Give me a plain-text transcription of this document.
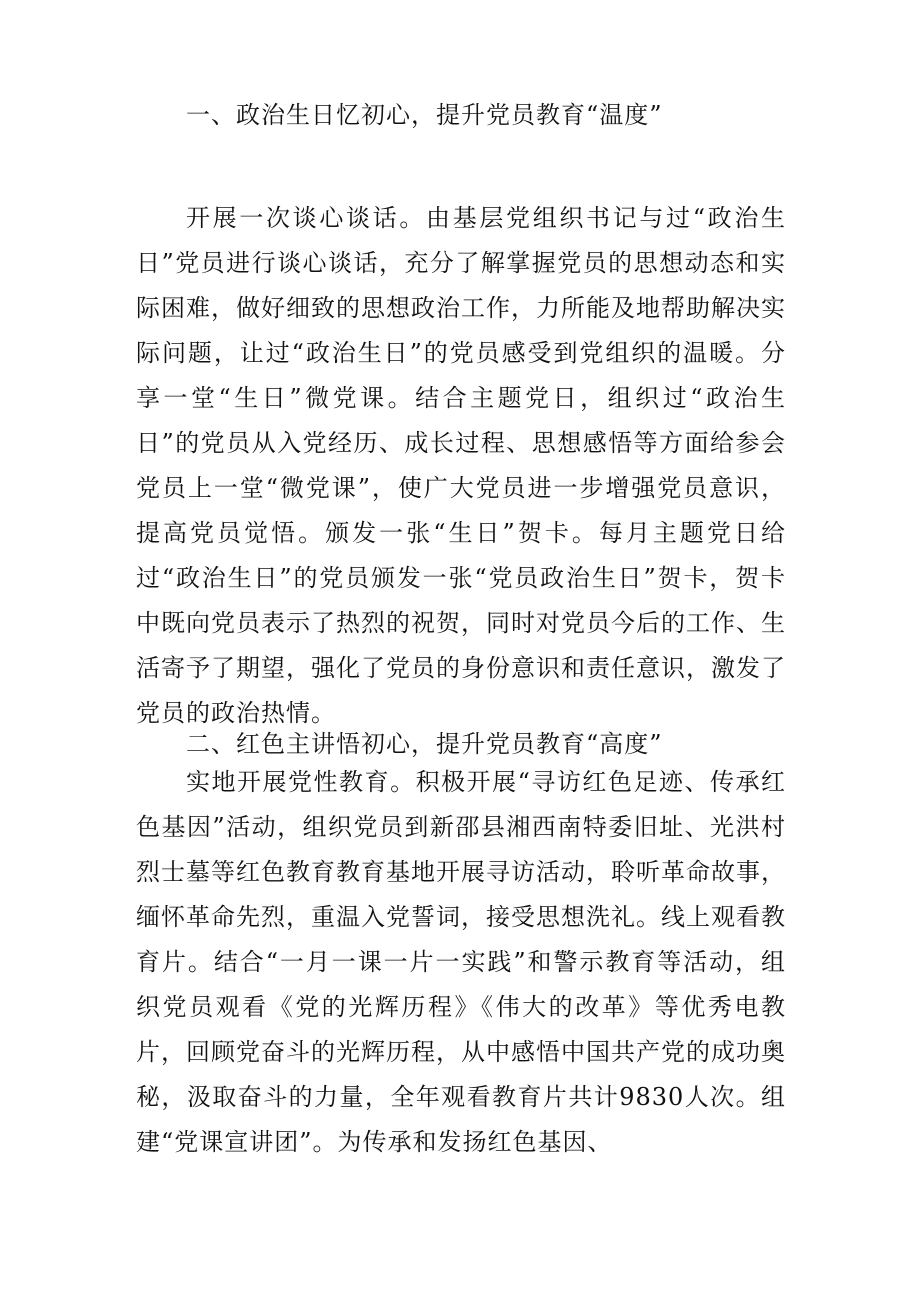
一、政治生日忆初心，提升党员教育“温度”

开展一次谈心谈话。由基层党组织书记与过“政治生日”党员进行谈心谈话，充分了解掌握党员的思想动态和实际困难，做好细致的思想政治工作，力所能及地帮助解决实际问题，让过“政治生日”的党员感受到党组织的温暖。分享一堂“生日”微党课。结合主题党日，组织过“政治生日”的党员从入党经历、成长过程、思想感悟等方面给参会党员上一堂“微党课”，使广大党员进一步增强党员意识，提高党员觉悟。颁发一张“生日”贺卡。每月主题党日给过“政治生日”的党员颁发一张“党员政治生日”贺卡，贺卡中既向党员表示了热烈的祝贺，同时对党员今后的工作、生活寄予了期望，强化了党员的身份意识和责任意识，激发了党员的政治热情。

二、红色主讲悟初心，提升党员教育“高度”

实地开展党性教育。积极开展“寻访红色足迹、传承红色基因”活动，组织党员到新邵县湘西南特委旧址、光洪村烈士墓等红色教育教育基地开展寻访活动，聆听革命故事，缅怀革命先烈，重温入党誓词，接受思想洗礼。线上观看教育片。结合“一月一课一片一实践”和警示教育等活动，组织党员观看《党的光辉历程》《伟大的改革》等优秀电教片，回顾党奋斗的光辉历程，从中感悟中国共产党的成功奥秘，汲取奋斗的力量，全年观看教育片共计9830人次。组建“党课宣讲团”。为传承和发扬红色基因、
